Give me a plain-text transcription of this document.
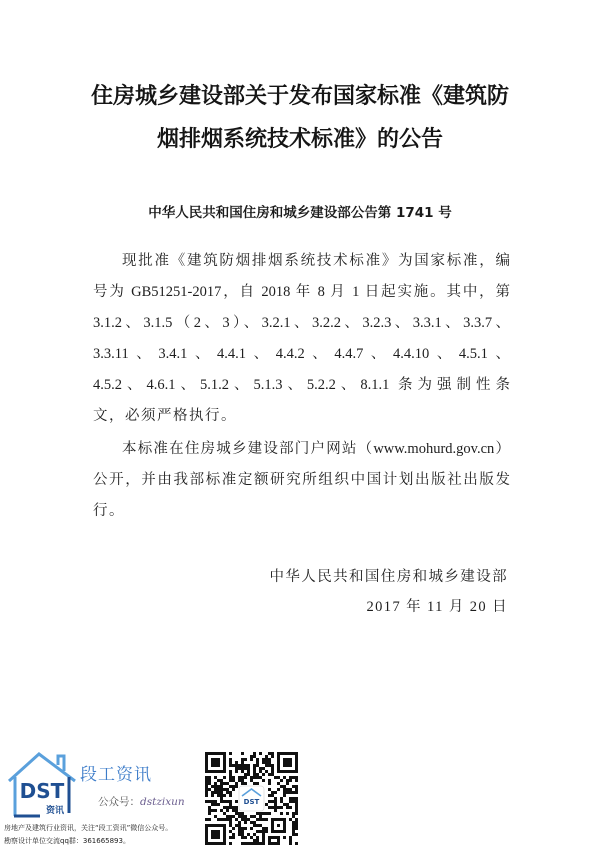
住房城乡建设部关于发布国家标准《建筑防
烟排烟系统技术标准》的公告
中华人民共和国住房和城乡建设部公告第 1741 号
现批准《建筑防烟排烟系统技术标准》为国家标准，编
号为 GB51251-2017，自 2018 年 8 月 1 日起实施。其中，第
3.1.2、3.1.5（2、3）、3.2.1、3.2.2、3.2.3、3.3.1、3.3.7、
3.3.11、3.4.1、4.4.1、4.4.2、4.4.7、4.4.10、4.5.1、
4.5.2、4.6.1、5.1.2、5.1.3、5.2.2、8.1.1 条为强制性条
文，必须严格执行。
本标准在住房城乡建设部门户网站（www.mohurd.gov.cn）
公开，并由我部标准定额研究所组织中国计划出版社出版发
行。
中华人民共和国住房和城乡建设部
2017 年 11 月 20 日
DST
资讯
段工资讯
公众号：dstzixun	DST
房地产及建筑行业资讯，关注“段工资讯”微信公众号。
勘察设计单位交流qq群：361665893。
